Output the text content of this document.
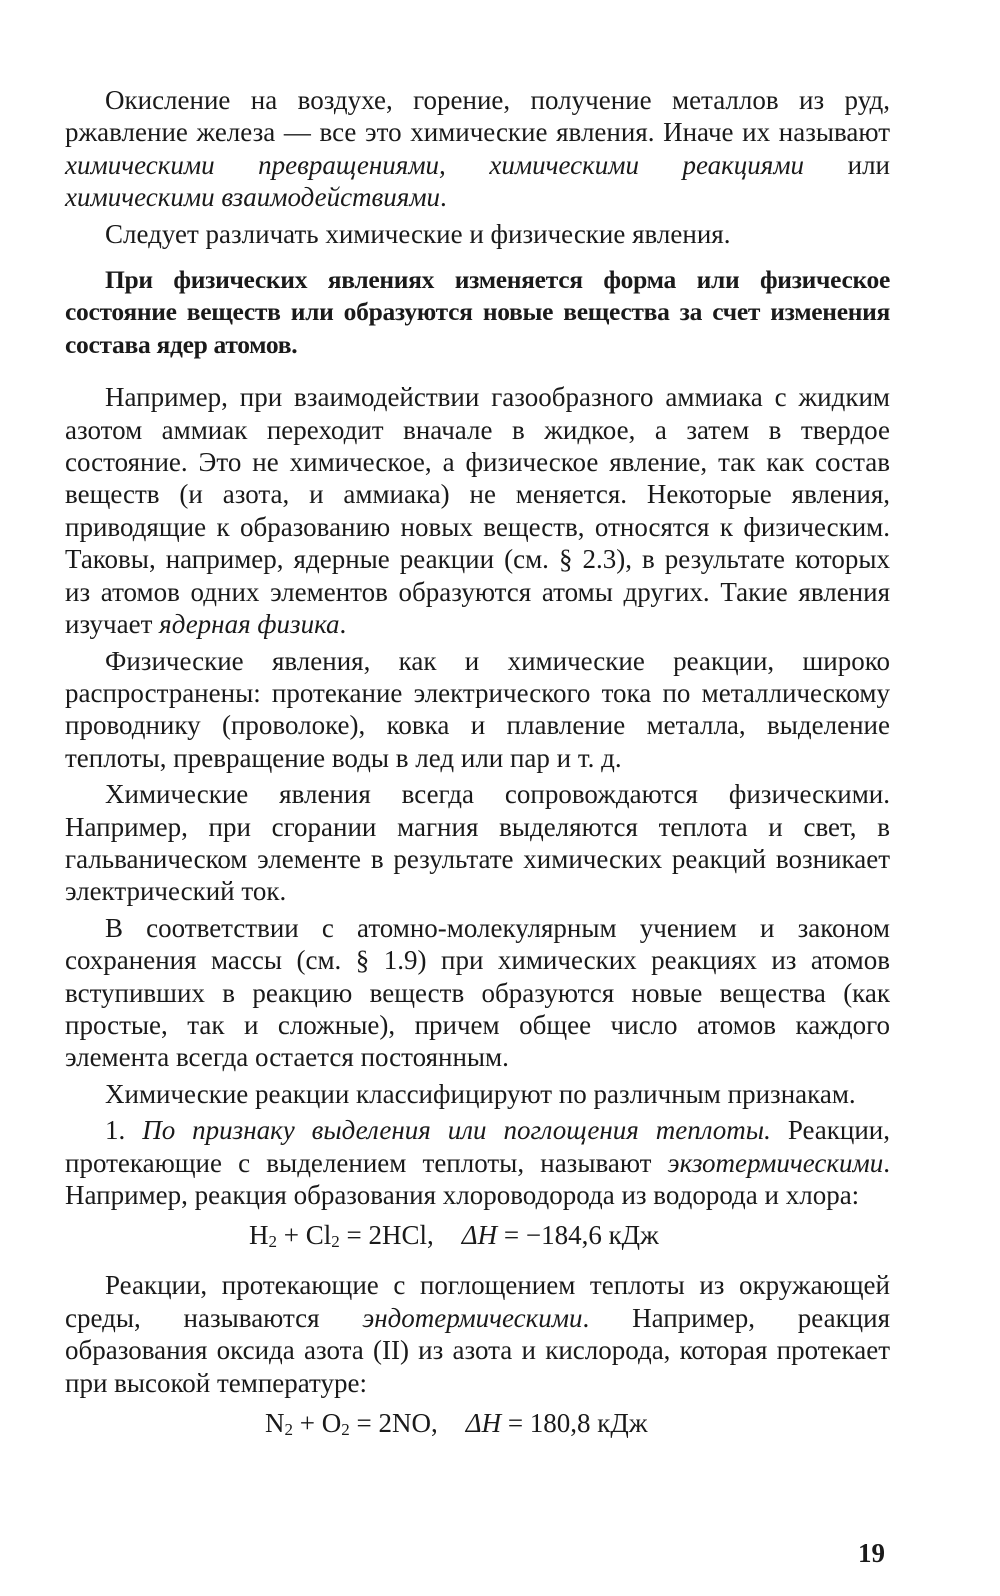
Окисление на воздухе, горение, получение металлов из руд, ржавление железа — все это химические явления. Иначе их называют химическими превращениями, химическими реакциями или химическими взаимодействиями.

Следует различать химические и физические явления.

При физических явлениях изменяется форма или физическое состояние веществ или образуются новые вещества за счет изменения состава ядер атомов.

Например, при взаимодействии газообразного аммиака с жидким азотом аммиак переходит вначале в жидкое, а затем в твердое состояние. Это не химическое, а физическое явление, так как состав веществ (и азота, и аммиака) не меняется. Некоторые явления, приводящие к образованию новых веществ, относятся к физическим. Таковы, например, ядерные реакции (см. § 2.3), в результате которых из атомов одних элементов образуются атомы других. Такие явления изучает ядерная физика.

Физические явления, как и химические реакции, широко распространены: протекание электрического тока по металлическому проводнику (проволоке), ковка и плавление металла, выделение теплоты, превращение воды в лед или пар и т. д.

Химические явления всегда сопровождаются физическими. Например, при сгорании магния выделяются теплота и свет, в гальваническом элементе в результате химических реакций возникает электрический ток.

В соответствии с атомно-молекулярным учением и законом сохранения массы (см. § 1.9) при химических реакциях из атомов вступивших в реакцию веществ образуются новые вещества (как простые, так и сложные), причем общее число атомов каждого элемента всегда остается постоянным.

Химические реакции классифицируют по различным признакам.

1. По признаку выделения или поглощения теплоты. Реакции, протекающие с выделением теплоты, называют экзотермическими. Например, реакция образования хлороводорода из водорода и хлора:

$H_2 + Cl_2 = 2HCl$, ΔH = −184,6 кДж

Реакции, протекающие с поглощением теплоты из окружающей среды, называются эндотермическими. Например, реакция образования оксида азота (II) из азота и кислорода, которая протекает при высокой температуре:

$N_2 + O_2 = 2NO$, ΔH = 180,8 кДж
19
